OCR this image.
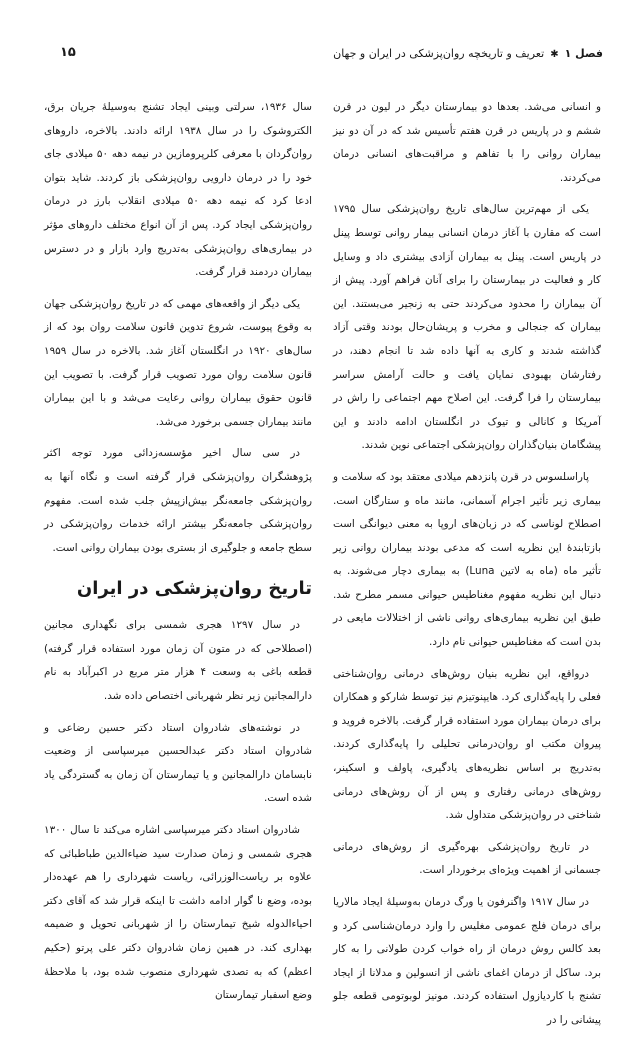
فصل ۱
✱
تعریف و تاریخچه روان‌پزشکی در ایران و جهان
۱۵

و انسانی می‌شد. بعدها دو بیمارستان دیگر در لیون در قرن ششم و در پاریس در قرن هفتم تأسیس شد که در آن دو نیز بیماران روانی را با تفاهم و مراقبت‌های انسانی درمان می‌کردند.

یکی از مهم‌ترین سال‌های تاریخ روان‌پزشکی سال ۱۷۹۵ است که مقارن با آغاز درمان انسانی بیمار روانی توسط پینل در پاریس است. پینل به بیماران آزادی بیشتری داد و وسایل کار و فعالیت در بیمارستان را برای آنان فراهم آورد. پیش از آن بیماران را محدود می‌کردند حتی به زنجیر می‌بستند. این بیماران که جنجالی و مخرب و پریشان‌حال بودند وقتی آزاد گذاشته شدند و کاری به آنها داده شد تا انجام دهند، در رفتارشان بهبودی نمایان یافت و حالت آرامش سراسر بیمارستان را فرا گرفت. این اصلاح مهم اجتماعی را راش در آمریکا و کانالی و تیوک در انگلستان ادامه دادند و این پیشگامان بنیان‌گذاران روان‌پزشکی اجتماعی نوین شدند.

پاراسلسوس در قرن پانزدهم میلادی معتقد بود که سلامت و بیماری زیر تأثیر اجرام آسمانی، مانند ماه و ستارگان است. اصطلاح لوناسی که در زبان‌های اروپا به معنی دیوانگی است بازتابندهٔ این نظریه است که مدعی بودند بیماران روانی زیر تأثیر ماه (ماه به لاتین Luna) به بیماری دچار می‌شوند. به دنبال این نظریه مفهوم مغناطیس حیوانی مسمر مطرح شد. طبق این نظریه بیماری‌های روانی ناشی از اختلالات مایعی در بدن است که مغناطیس حیوانی نام دارد.

درواقع، این نظریه بنیان روش‌های درمانی روان‌شناختی فعلی را پایه‌گذاری کرد. هایپنوتیزم نیز توسط شارکو و همکاران برای درمان بیماران مورد استفاده قرار گرفت. بالاخره فروید و پیروان مکتب او روان‌درمانی تحلیلی را پایه‌گذاری کردند. به‌تدریج بر اساس نظریه‌های یادگیری، پاولف و اسکینر، روش‌های درمانی رفتاری و پس از آن روش‌های درمانی شناختی در روان‌پزشکی متداول شد.

در تاریخ روان‌پزشکی بهره‌گیری از روش‌های درمانی جسمانی از اهمیت ویژه‌ای برخوردار است.

در سال ۱۹۱۷ واگنرفون یا ورگ درمان به‌وسیلهٔ ایجاد مالاریا برای درمان فلج عمومی مغلیس را وارد درمان‌شناسی کرد و بعد کالس روش درمان از راه خواب کردن طولانی را به کار برد. ساکل از درمان اغمای ناشی از انسولین و مدلانا از ایجاد تشنج با کاردیازول استفاده کردند. مونیز لوبوتومی قطعه جلو پیشانی را در

سال ۱۹۳۶، سرلتی وبینی ایجاد تشنج به‌وسیلهٔ جریان برق، الکتروشوک را در سال ۱۹۳۸ ارائه دادند. بالاخره، داروهای روان‌گردان با معرفی کلرپرومازین در نیمه دهه ۵۰ میلادی جای خود را در درمان دارویی روان‌پزشکی باز کردند. شاید بتوان ادعا کرد که نیمه دهه ۵۰ میلادی انقلاب بارز در درمان روان‌پزشکی ایجاد کرد. پس از آن انواع مختلف داروهای مؤثر در بیماری‌های روان‌پزشکی به‌تدریج وارد بازار و در دسترس بیماران دردمند قرار گرفت.

یکی دیگر از واقعه‌های مهمی که در تاریخ روان‌پزشکی جهان به وقوع پیوست، شروع تدوین قانون سلامت روان بود که از سال‌های ۱۹۲۰ در انگلستان آغاز شد. بالاخره در سال ۱۹۵۹ قانون سلامت روان مورد تصویب قرار گرفت. با تصویب این قانون حقوق بیماران روانی رعایت می‌شد و با این بیماران مانند بیماران جسمی برخورد می‌شد.

در سی سال اخیر مؤسسه‌زدائی مورد توجه اکثر پژوهشگران روان‌پزشکی قرار گرفته است و نگاه آنها به روان‌پزشکی جامعه‌نگر بیش‌ازپیش جلب شده است. مفهوم روان‌پزشکی جامعه‌نگر بیشتر ارائه خدمات روان‌پزشکی در سطح جامعه و جلوگیری از بستری بودن بیماران روانی است.

تاریخ روان‌پزشکی در ایران

در سال ۱۲۹۷ هجری شمسی برای نگهداری مجانین (اصطلاحی که در متون آن زمان مورد استفاده قرار گرفته) قطعه باغی به وسعت ۴ هزار متر مربع در اکبرآباد به نام دارالمجانین زیر نظر شهربانی اختصاص داده شد.

در نوشته‌های شادروان استاد دکتر حسین رضاعی و شادروان استاد دکتر عبدالحسین میرسپاسی از وضعیت نابسامان دارالمجانین و یا تیمارستان آن زمان به گستردگی یاد شده است.

شادروان استاد دکتر میرسپاسی اشاره می‌کند تا سال ۱۳۰۰ هجری شمسی و زمان صدارت سید ضیاءالدین طباطبائی که علاوه بر ریاست‌الوزرائی، ریاست شهرداری را هم عهده‌دار بوده، وضع نا گوار ادامه داشت تا اینکه قرار شد که آقای دکتر احیاءالدوله شیخ تیمارستان را از شهربانی تحویل و ضمیمه بهداری کند. در همین زمان شادروان دکتر علی پرتو (حکیم اعظم) که به تصدی شهرداری منصوب شده بود، با ملاحظهٔ وضع اسفبار تیمارستان
